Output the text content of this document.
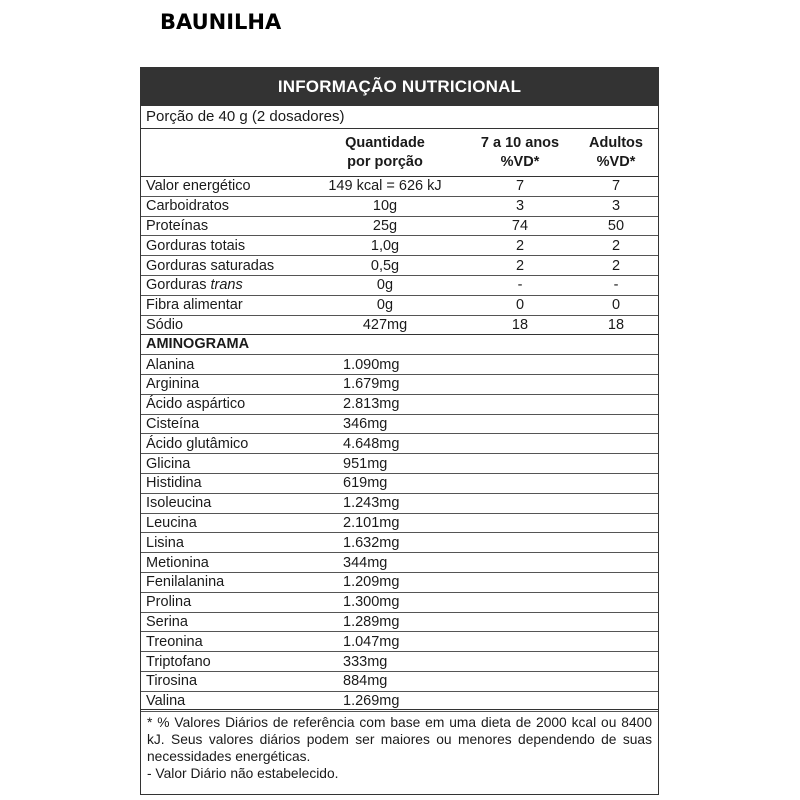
BAUNILHA
INFORMAÇÃO NUTRICIONAL
Porção de 40 g (2 dosadores)
Quantidade
por porção
7 a 10 anos
%VD*
Adultos
%VD*
Valor energético	149 kcal = 626 kJ	7	7
Carboidratos	10g	3	3
Proteínas	25g	74	50
Gorduras totais	1,0g	2	2
Gorduras saturadas	0,5g	2	2
Gorduras trans	0g	-	-
Fibra alimentar	0g	0	0
Sódio	427mg	18	18
AMINOGRAMA
Alanina	1.090mg
Arginina	1.679mg
Ácido aspártico	2.813mg
Cisteína	346mg
Ácido glutâmico	4.648mg
Glicina	951mg
Histidina	619mg
Isoleucina	1.243mg
Leucina	2.101mg
Lisina	1.632mg
Metionina	344mg
Fenilalanina	1.209mg
Prolina	1.300mg
Serina	1.289mg
Treonina	1.047mg
Triptofano	333mg
Tirosina	884mg
Valina	1.269mg

* % Valores Diários de referência com base em uma dieta de 2000 kcal ou 8400 kJ. Seus valores diários podem ser maiores ou menores dependendo de suas necessidades energéticas.

- Valor Diário não estabelecido.
